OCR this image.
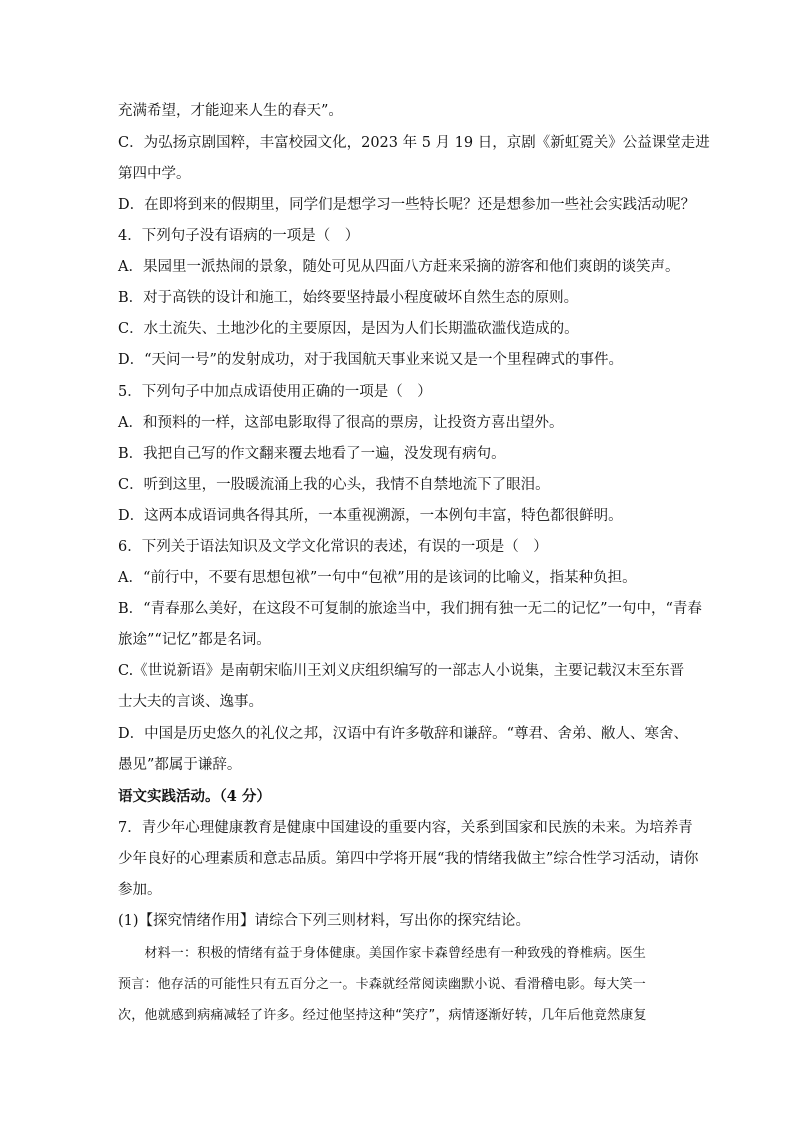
充满希望，才能迎来人生的春天”。
C．为弘扬京剧国粹，丰富校园文化，2023 年 5 月 19 日，京剧《新虹霓关》公益课堂走进
第四中学。
D．在即将到来的假期里，同学们是想学习一些特长呢？还是想参加一些社会实践活动呢？
4．下列句子没有语病的一项是（　）
A．果园里一派热闹的景象，随处可见从四面八方赶来采摘的游客和他们爽朗的谈笑声。
B．对于高铁的设计和施工，始终要坚持最小程度破坏自然生态的原则。
C．水土流失、土地沙化的主要原因，是因为人们长期滥砍滥伐造成的。
D．“天问一号”的发射成功，对于我国航天事业来说又是一个里程碑式的事件。
5．下列句子中加点成语使用正确的一项是（　）
A．和预料的一样，这部电影取得了很高的票房，让投资方喜出望外。
B．我把自己写的作文翻来覆去地看了一遍，没发现有病句。
C．听到这里，一股暖流涌上我的心头，我情不自禁地流下了眼泪。
D．这两本成语词典各得其所，一本重视溯源，一本例句丰富，特色都很鲜明。
6．下列关于语法知识及文学文化常识的表述，有误的一项是（　）
A．“前行中，不要有思想包袱”一句中“包袱”用的是该词的比喻义，指某种负担。
B．“青春那么美好，在这段不可复制的旅途当中，我们拥有独一无二的记忆”一句中，“青春
旅途”“记忆”都是名词。
C.《世说新语》是南朝宋临川王刘义庆组织编写的一部志人小说集，主要记载汉末至东晋
士大夫的言谈、逸事。
D．中国是历史悠久的礼仪之邦，汉语中有许多敬辞和谦辞。“尊君、舍弟、敝人、寒舍、
愚见”都属于谦辞。
语文实践活动。（4 分）
7．青少年心理健康教育是健康中国建设的重要内容，关系到国家和民族的未来。为培养青
少年良好的心理素质和意志品质。第四中学将开展“我的情绪我做主”综合性学习活动，请你
参加。
(1)【探究情绪作用】请综合下列三则材料，写出你的探究结论。
　　材料一：积极的情绪有益于身体健康。美国作家卡森曾经患有一种致残的脊椎病。医生
预言：他存活的可能性只有五百分之一。卡森就经常阅读幽默小说、看滑稽电影。每大笑一
次，他就感到病痛减轻了许多。经过他坚持这种“笑疗”，病情逐渐好转，几年后他竟然康复
